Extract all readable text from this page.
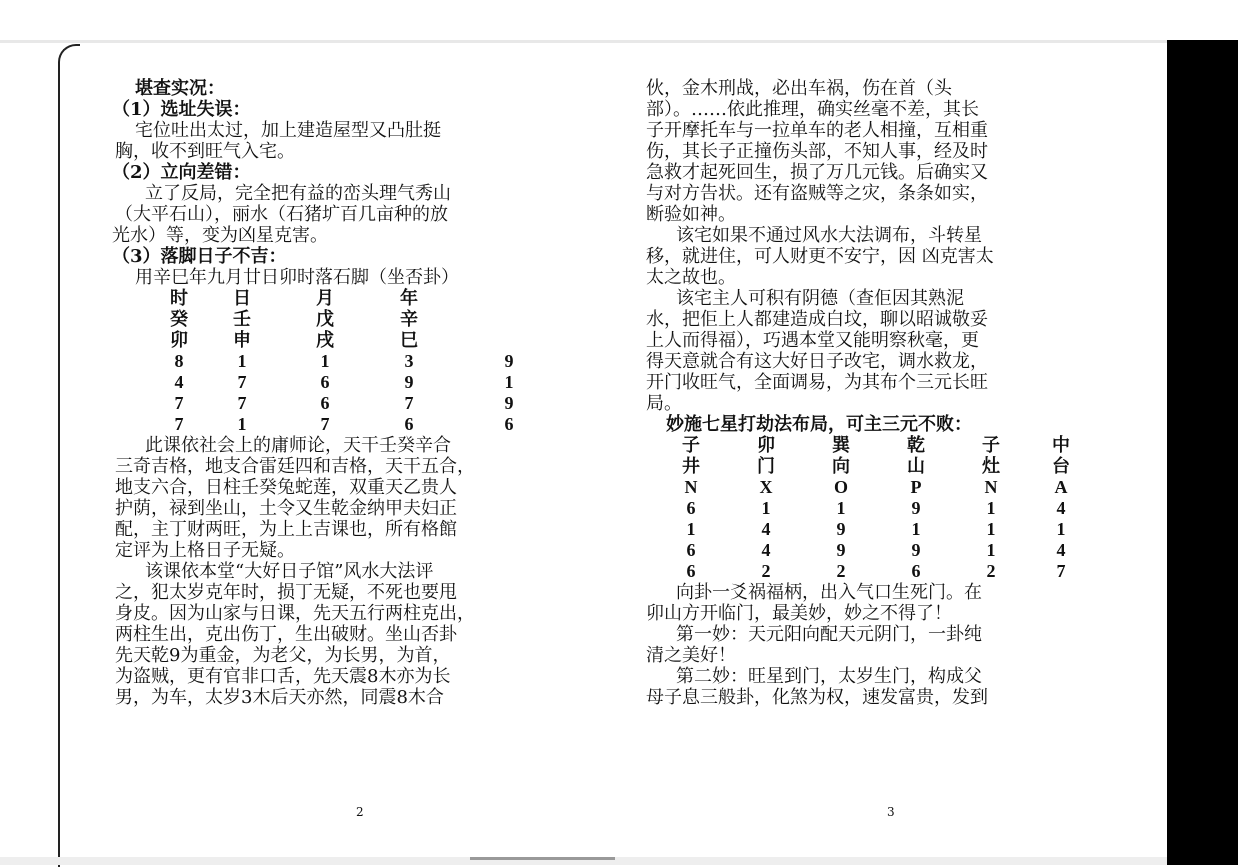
堪查实况：
（1）选址失误：
宅位吐出太过，加上建造屋型又凸肚挺
胸，收不到旺气入宅。
（2）立向差错：
立了反局，完全把有益的峦头理气秀山
（大平石山），丽水（石猪圹百几亩种的放
光水）等，变为凶星克害。
（3）落脚日子不吉：
用辛巳年九月廿日卯时落石脚（坐否卦）
时	日	月	年
癸	壬	戊	辛
卯	申	戌	巳
8	1	1	3	9
4	7	6	9	1
7	7	6	7	9
7	1	7	6	6
此课依社会上的庸师论，天干壬癸辛合
三奇吉格，地支合雷廷四和吉格，天干五合，
地支六合，日柱壬癸兔蛇莲，双重天乙贵人
护荫，禄到坐山，土令又生乾金纳甲夫妇正
配，主丁财两旺，为上上吉课也，所有格館
定评为上格日子无疑。
该课依本堂“大好日子馆”风水大法评
之，犯太岁克年时，损丁无疑，不死也要甩
身皮。因为山家与日课，先天五行两柱克出，
两柱生出，克出伤丁，生出破财。坐山否卦
先天乾9为重金，为老父，为长男，为首，
为盗贼，更有官非口舌，先天震8木亦为长
男，为车，太岁3木后天亦然，同震8木合
2
伙，金木刑战，必出车祸，伤在首（头
部）。……依此推理，确实丝毫不差，其长
子开摩托车与一拉单车的老人相撞，互相重
伤，其长子正撞伤头部，不知人事，经及时
急救才起死回生，损了万几元钱。后确实又
与对方告状。还有盗贼等之灾，条条如实，
断验如神。
该宅如果不通过风水大法调布，斗转星
移，就进住，可人财更不安宁，因 凶克害太
太之故也。
该宅主人可积有阴德（查佢因其熟泥
水，把佢上人都建造成白坟，聊以昭诚敬妥
上人而得福），巧遇本堂又能明察秋毫，更
得天意就合有这大好日子改宅，调水救龙，
开门收旺气，全面调易，为其布个三元长旺
局。
妙施七星打劫法布局，可主三元不败：
子	卯	巽	乾	子	中
井	门	向	山	灶	台
N	X	O	P	N	A
6	1	1	9	1	4
1	4	9	1	1	1
6	4	9	9	1	4
6	2	2	6	2	7
向卦一爻祸福柄，出入气口生死门。在
卯山方开临门，最美妙，妙之不得了！
第一妙：天元阳向配天元阴门，一卦纯
清之美好！
第二妙：旺星到门，太岁生门，构成父
母子息三般卦，化煞为权，速发富贵，发到
3
